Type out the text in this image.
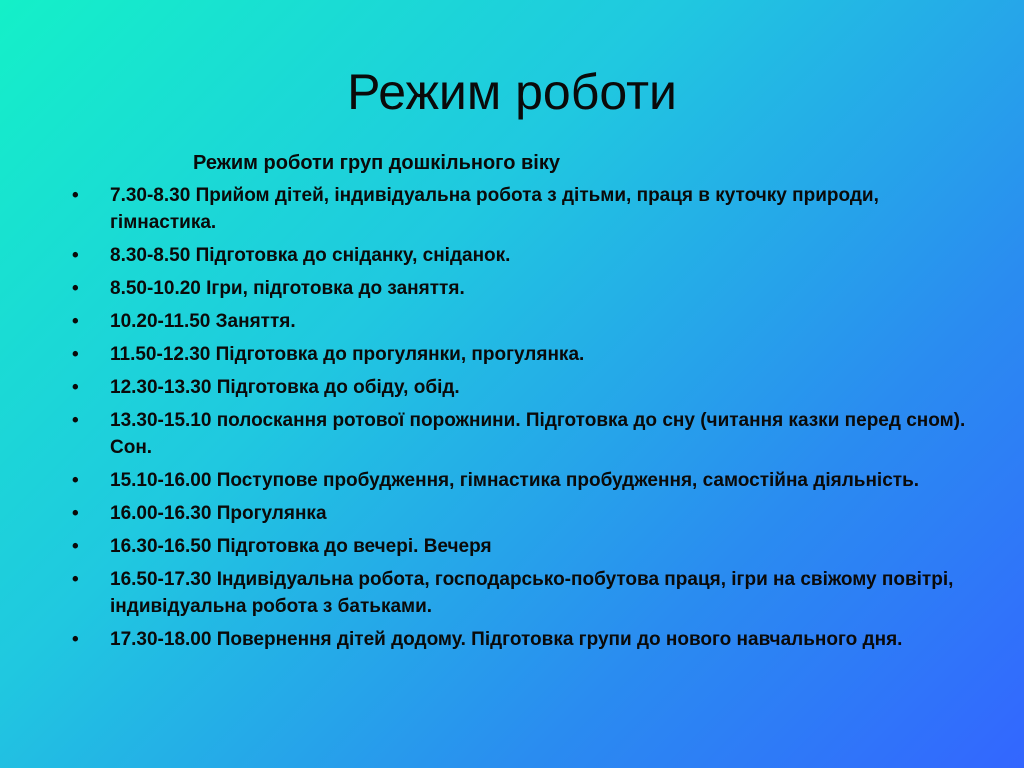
Режим роботи
Режим роботи груп дошкільного віку
• 7.30-8.30 Прийом дітей, індивідуальна робота з дітьми, праця в куточку природи, гімнастика.
• 8.30-8.50 Підготовка до сніданку, сніданок.
• 8.50-10.20 Ігри, підготовка до заняття.
• 10.20-11.50 Заняття.
• 11.50-12.30 Підготовка до прогулянки, прогулянка.
• 12.30-13.30 Підготовка до обіду, обід.
• 13.30-15.10 полоскання ротової порожнини. Підготовка до сну (читання казки перед сном). Сон.
• 15.10-16.00 Поступове пробудження, гімнастика пробудження, самостійна діяльність.
• 16.00-16.30 Прогулянка
• 16.30-16.50 Підготовка до вечері. Вечеря
• 16.50-17.30 Індивідуальна робота, господарсько-побутова праця, ігри на свіжому повітрі, індивідуальна робота з батьками.
• 17.30-18.00 Повернення дітей додому. Підготовка групи до нового навчального дня.
